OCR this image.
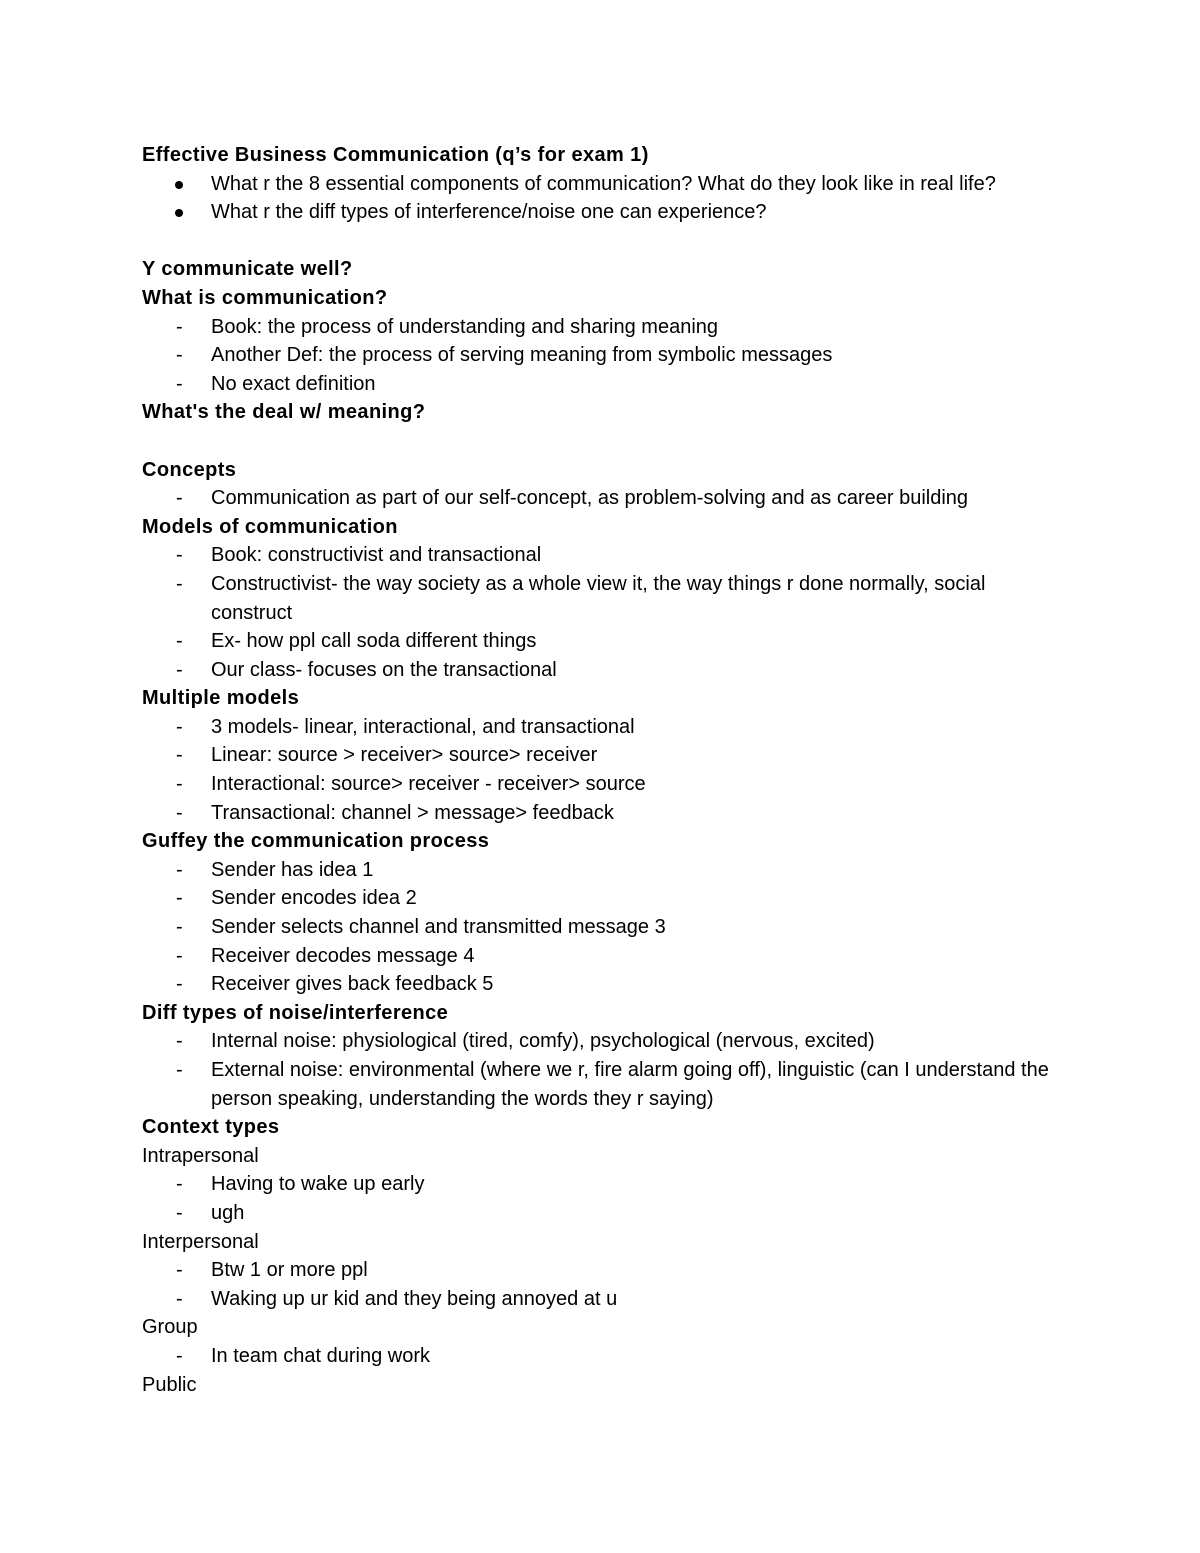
Effective Business Communication (q’s for exam 1)
What r the 8 essential components of communication? What do they look like in real life?
What r the diff types of interference/noise one can experience?
Y communicate well?
What is communication?
Book: the process of understanding and sharing meaning
Another Def: the process of serving meaning from symbolic messages
No exact definition
What's the deal w/ meaning?
Concepts
Communication as part of our self-concept, as problem-solving and as career building
Models of communication
Book: constructivist and transactional
Constructivist- the way society as a whole view it, the way things r done normally, social construct
Ex- how ppl call soda different things
Our class- focuses on the transactional
Multiple models
3 models- linear, interactional, and transactional
Linear: source > receiver> source> receiver
Interactional: source> receiver - receiver> source
Transactional: channel > message> feedback
Guffey the communication process
Sender has idea 1
Sender encodes idea 2
Sender selects channel and transmitted message 3
Receiver decodes message 4
Receiver gives back feedback 5
Diff types of noise/interference
Internal noise: physiological (tired, comfy), psychological (nervous, excited)
External noise: environmental (where we r, fire alarm going off), linguistic (can I understand the person speaking, understanding the words they r saying)
Context types
Intrapersonal
Having to wake up early
ugh
Interpersonal
Btw 1 or more ppl
Waking up ur kid and they being annoyed at u
Group
In team chat during work
Public
